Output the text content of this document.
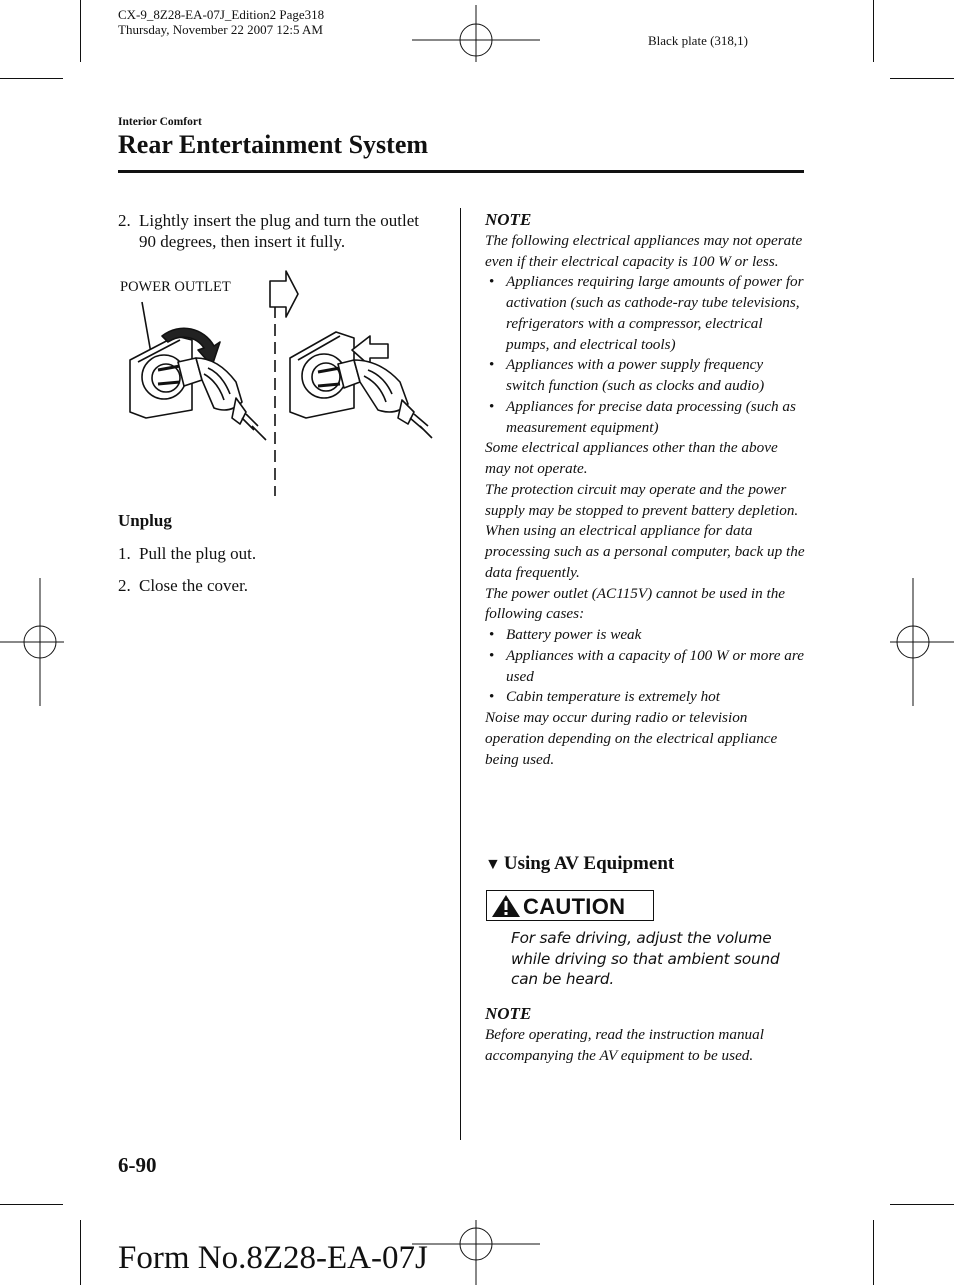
CX-9_8Z28-EA-07J_Edition2 Page318
Thursday, November 22 2007 12:5 AM
Black plate (318,1)
Interior Comfort
Rear Entertainment System
2. Lightly insert the plug and turn the outlet 90 degrees, then insert it fully.
POWER OUTLET
Unplug
1. Pull the plug out.
2. Close the cover.
NOTE

The following electrical appliances may not operate even if their electrical capacity is 100 W or less.

• Appliances requiring large amounts of power for activation (such as cathode-ray tube televisions, refrigerators with a compressor, electrical pumps, and electrical tools)
• Appliances with a power supply frequency switch function (such as clocks and audio)
• Appliances for precise data processing (such as measurement equipment)

Some electrical appliances other than the above may not operate.

The protection circuit may operate and the power supply may be stopped to prevent battery depletion.

When using an electrical appliance for data processing such as a personal computer, back up the data frequently.

The power outlet (AC115V) cannot be used in the following cases:

• Battery power is weak
• Appliances with a capacity of 100 W or more are used
• Cabin temperature is extremely hot

Noise may occur during radio or television operation depending on the electrical appliance being used.

▼ Using AV Equipment
CAUTION
For safe driving, adjust the volume while driving so that ambient sound can be heard.
NOTE
Before operating, read the instruction manual accompanying the AV equipment to be used.
6-90
Form No.8Z28-EA-07J
